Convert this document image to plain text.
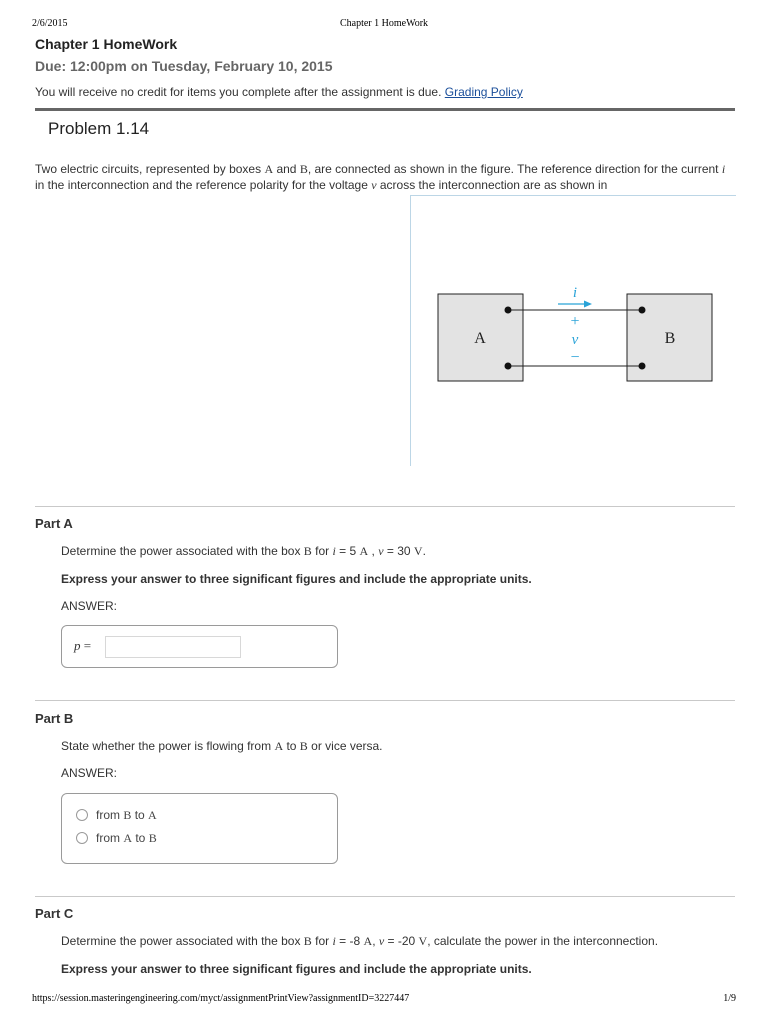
2/6/2015	Chapter 1 HomeWork
Chapter 1 HomeWork
Due: 12:00pm on Tuesday, February 10, 2015
You will receive no credit for items you complete after the assignment is due. Grading Policy
Problem 1.14
Two electric circuits, represented by boxes A and B, are connected as shown in the figure. The reference direction for the current i in the interconnection and the reference polarity for the voltage v across the interconnection are as shown in
A	B
i
+
v
−
Part A
Determine the power associated with the box B for i = 5 A , v = 30 V.
Express your answer to three significant figures and include the appropriate units.
ANSWER:
p =
Part B
State whether the power is flowing from A to B or vice versa.
ANSWER:
from B to A
from A to B
Part C
Determine the power associated with the box B for i = -8 A, v = -20 V, calculate the power in the interconnection.
Express your answer to three significant figures and include the appropriate units.
https://session.masteringengineering.com/myct/assignmentPrintView?assignmentID=3227447	1/9
